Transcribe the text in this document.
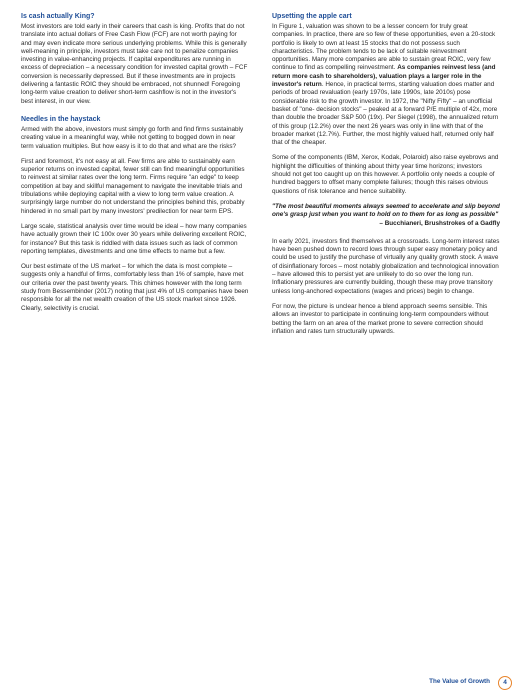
Is cash actually King?

Most investors are told early in their careers that cash is king. Profits that do not translate into actual dollars of Free Cash Flow (FCF) are not worth paying for and may even indicate more serious underlying problems. While this is generally well-meaning in principle, investors must take care not to penalize companies investing in value-enhancing projects. If capital expenditures are running in excess of depreciation – a necessary condition for invested capital growth – FCF conversion is necessarily depressed. But if these investments are in projects delivering a fantastic ROIC they should be embraced, not shunned! Foregoing long-term value creation to deliver short-term cashflow is not in the investor's best interest, in our view.

Needles in the haystack

Armed with the above, investors must simply go forth and find firms sustainably creating value in a meaningful way, while not getting to bogged down in near term valuation multiples. But how easy is it to do that and what are the risks?

First and foremost, it's not easy at all. Few firms are able to sustainably earn superior returns on invested capital, fewer still can find meaningful opportunities to reinvest at similar rates over the long term. Firms require "an edge" to keep competition at bay and skillful management to navigate the inevitable trials and tribulations while deploying capital with a view to long term value creation. A surprisingly large number do not understand the principles behind this, probably hindered in no small part by many investors' predilection for near term EPS.

Large scale, statistical analysis over time would be ideal – how many companies have actually grown their IC 100x over 30 years while delivering excellent ROIC, for instance? But this task is riddled with data issues such as lack of common reporting templates, divestments and one time effects to name but a few.

Our best estimate of the US market – for which the data is most complete – suggests only a handful of firms, comfortably less than 1% of sample, have met our criteria over the past twenty years. This chimes however with the long term study from Bessembinder (2017) noting that just 4% of US companies have been responsible for all the net wealth creation of the US stock market since 1926. Clearly, selectivity is crucial.

Upsetting the apple cart

In Figure 1, valuation was shown to be a lesser concern for truly great companies. In practice, there are so few of these opportunities, even a 20-stock portfolio is likely to own at least 15 stocks that do not possess such characteristics. The problem tends to be lack of suitable reinvestment opportunities. Many more companies are able to sustain great ROIC, very few continue to find as compelling reinvestment. As companies reinvest less (and return more cash to shareholders), valuation plays a larger role in the investor's return. Hence, in practical terms, starting valuation does matter and periods of broad revaluation (early 1970s, late 1990s, late 2010s) pose considerable risk to the growth investor. In 1972, the "Nifty Fifty" – an unofficial basket of "one- decision stocks" – peaked at a forward P/E multiple of 42x, more than double the broader S&P 500 (19x). Per Siegel (1998), the annualized return of this group (12.2%) over the next 26 years was only in line with that of the broader market (12.7%). Further, the most highly valued half, returned only half that of the cheaper.

Some of the components (IBM, Xerox, Kodak, Polaroid) also raise eyebrows and highlight the difficulties of thinking about thirty year time horizons; investors should not get too caught up on this however. A portfolio only needs a couple of hundred baggers to offset many complete failures; though this raises obvious questions of risk tolerance and hence suitability.

"The most beautiful moments always seemed to accelerate and slip beyond one's grasp just when you want to hold on to them for as long as possible"
– Bucchianeri, Brushstrokes of a Gadfly

In early 2021, investors find themselves at a crossroads. Long-term interest rates have been pushed down to record lows through super easy monetary policy and could be used to justify the purchase of virtually any quality growth stock. A wave of disinflationary forces – most notably globalization and technological innovation – have allowed this to persist yet are unlikely to do so over the long run. Inflationary pressures are currently building, though these may prove transitory unless long-anchored expectations (wages and prices) begin to change.

For now, the picture is unclear hence a blend approach seems sensible. This allows an investor to participate in continuing long-term compounders without betting the farm on an area of the market prone to severe correction should inflation and rates turn structurally upwards.

The Value of Growth	4
